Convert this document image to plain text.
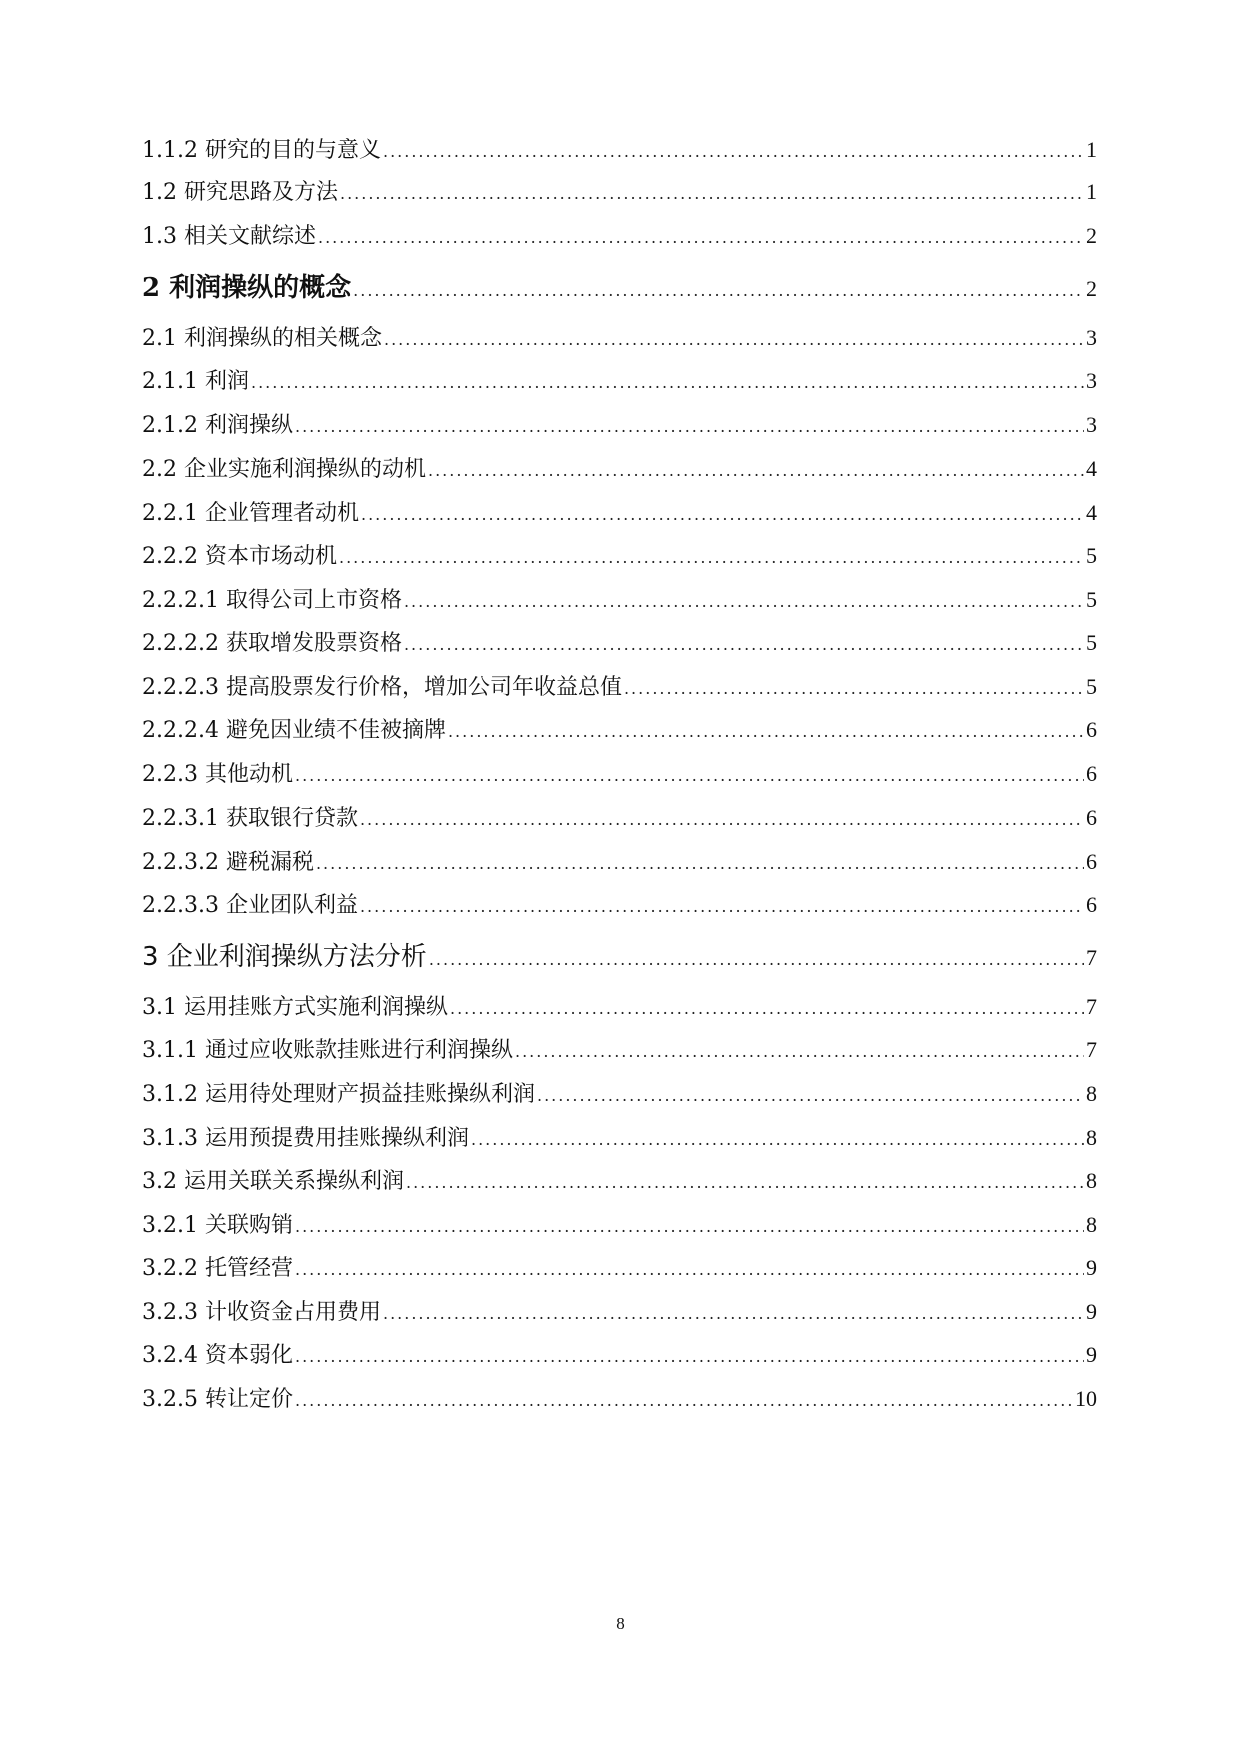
1.1.2 研究的目的与意义 .....	1
1.2 研究思路及方法 .....	1
1.3 相关文献综述 .....	2
2 利润操纵的概念 .....	2
2.1 利润操纵的相关概念 .....	3
2.1.1 利润 .....	3
2.1.2 利润操纵 .....	3
2.2 企业实施利润操纵的动机 .....	4
2.2.1 企业管理者动机 .....	4
2.2.2 资本市场动机 .....	5
2.2.2.1 取得公司上市资格 .....	5
2.2.2.2 获取增发股票资格 .....	5
2.2.2.3 提高股票发行价格，增加公司年收益总值 .....	5
2.2.2.4 避免因业绩不佳被摘牌 .....	6
2.2.3 其他动机 .....	6
2.2.3.1 获取银行贷款 .....	6
2.2.3.2 避税漏税 .....	6
2.2.3.3 企业团队利益 .....	6
3 企业利润操纵方法分析 .....	7
3.1 运用挂账方式实施利润操纵 .....	7
3.1.1 通过应收账款挂账进行利润操纵 .....	7
3.1.2 运用待处理财产损益挂账操纵利润 .....	8
3.1.3 运用预提费用挂账操纵利润 .....	8
3.2 运用关联关系操纵利润 .....	8
3.2.1 关联购销 .....	8
3.2.2 托管经营 .....	9
3.2.3 计收资金占用费用 .....	9
3.2.4 资本弱化 .....	9
3.2.5 转让定价 .....	10
8
